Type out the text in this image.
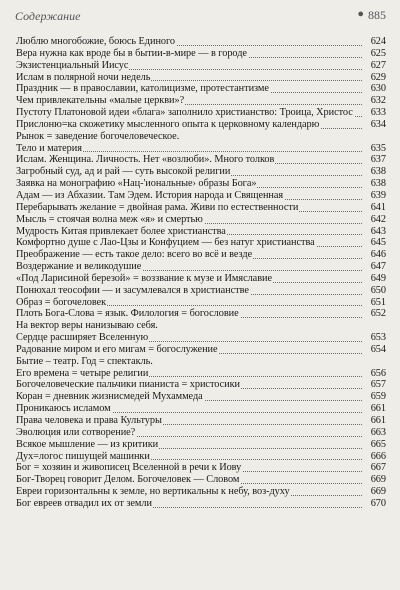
Содержание	● 885
Люблю многобожие, боюсь Единого	624
Вера нужна как вроде бы в бытии-в-мире — в городе	625
Экзистенциальный Иисус	627
Ислам в полярной ночи недель	629
Праздник — в православии, католицизме, протестантизме	630
Чем привлекательны «малые церкви»?	632
Пустоту Платоновой идеи «блага» заполнило христианство: Троица, Христос	633
Прислоню=ка скожетику мысленного опыта к церковному календарю	634
Рынок = заведение богочеловеческое.
Тело и материя	635
Ислам. Женщина. Личность. Нет «возлюби». Много толков	637
Загробный суд, ад и рай — суть высокой религии	638
Заявка на монографию «Нац-'иональные› образы Бога»	638
Адам — из Абхазии. Там Эдем. История народа и Священная	639
Перебарывать желание = двойная рама. Живи по естественности	641
Мысль = стоячая волна меж «я» и смертью	642
Мудрость Китая привлекает более христианства	643
Комфортно душе с Лао-Цзы и Конфуцием — без натуг христианства	645
Преображение — есть такое дело: всего во всё и везде	646
Воздержание и великодушие	647
«Под Ларисиной березой» = воззвание к музе и Имяславие	649
Понюхал теософии — и засумлевался в христианстве	650
Образ = богочеловек	651
Плоть Бога-Слова = язык. Филология = богословие	652
На вектор веры нанизываю себя.
Сердце расширяет Вселенную	653
Радование миром и его мигам = богослужение	654
Бытие – театр. Год = спектакль.
Его времена = четыре религии	656
Богочеловеческие пальчики пианиста = христосики	657
Коран = дневник жизнисмедей Мухаммеда	659
Проникаюсь исламом	661
Права человека и права Культуры	661
Эволюция или сотворение?	663
Всякое мышление — из критики	665
Дух=логос пишущей машинки	666
Бог = хозяин и живописец Вселенной в речи к Иову	667
Бог-Творец говорит Делом. Богочеловек — Словом	669
Евреи горизонтальны к земле, но вертикальны к небу, воз-духу	669
Бог евреев отвадил их от земли	670
